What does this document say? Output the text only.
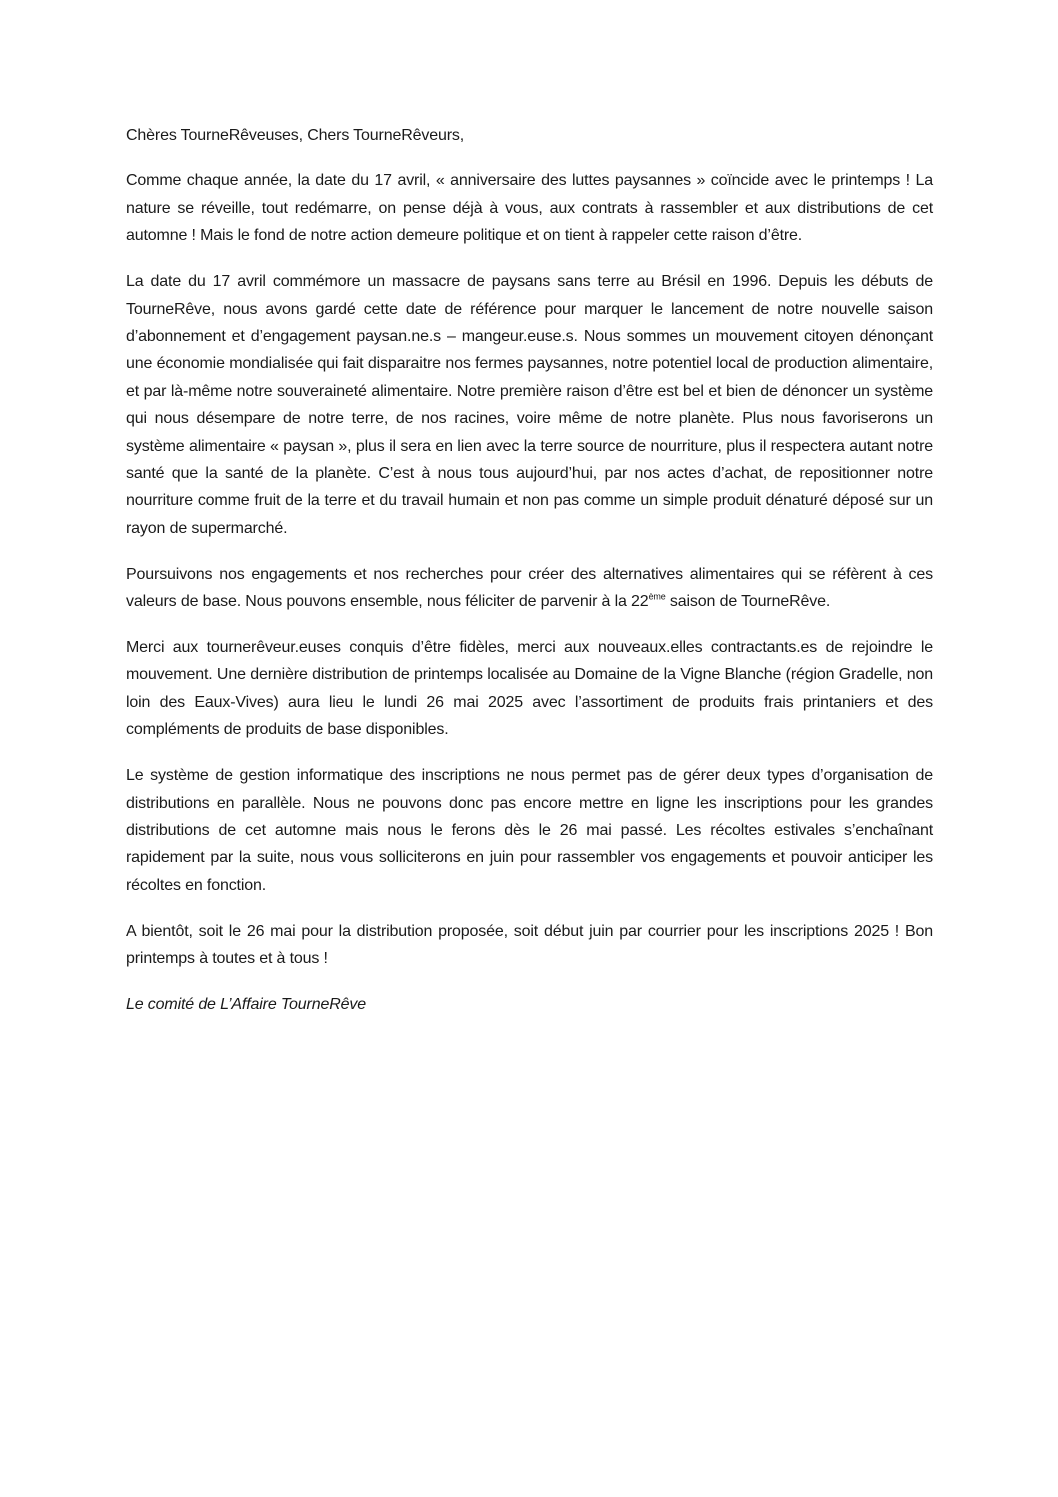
Chères TourneRêveuses, Chers TourneRêveurs,

Comme chaque année, la date du 17 avril, « anniversaire des luttes paysannes » coïncide avec le printemps ! La nature se réveille, tout redémarre, on pense déjà à vous, aux contrats à rassembler et aux distributions de cet automne ! Mais le fond de notre action demeure politique et on tient à rappeler cette raison d’être.

La date du 17 avril commémore un massacre de paysans sans terre au Brésil en 1996. Depuis les débuts de TourneRêve, nous avons gardé cette date de référence pour marquer le lancement de notre nouvelle saison d’abonnement et d’engagement paysan.ne.s – mangeur.euse.s. Nous sommes un mouvement citoyen dénonçant une économie mondialisée qui fait disparaitre nos fermes paysannes, notre potentiel local de production alimentaire, et par là-même notre souveraineté alimentaire. Notre première raison d’être est bel et bien de dénoncer un système qui nous désempare de notre terre, de nos racines, voire même de notre planète. Plus nous favoriserons un système alimentaire « paysan », plus il sera en lien avec la terre source de nourriture, plus il respectera autant notre santé que la santé de la planète. C’est à nous tous aujourd’hui, par nos actes d’achat, de repositionner notre nourriture comme fruit de la terre et du travail humain et non pas comme un simple produit dénaturé déposé sur un rayon de supermarché.

Poursuivons nos engagements et nos recherches pour créer des alternatives alimentaires qui se réfèrent à ces valeurs de base. Nous pouvons ensemble, nous féliciter de parvenir à la 22ème saison de TourneRêve.

Merci aux tournerêveur.euses conquis d’être fidèles, merci aux nouveaux.elles contractants.es de rejoindre le mouvement. Une dernière distribution de printemps localisée au Domaine de la Vigne Blanche (région Gradelle, non loin des Eaux-Vives) aura lieu le lundi 26 mai 2025 avec l’assortiment de produits frais printaniers et des compléments de produits de base disponibles.

Le système de gestion informatique des inscriptions ne nous permet pas de gérer deux types d’organisation de distributions en parallèle. Nous ne pouvons donc pas encore mettre en ligne les inscriptions pour les grandes distributions de cet automne mais nous le ferons dès le 26 mai passé. Les récoltes estivales s’enchaînant rapidement par la suite, nous vous solliciterons en juin pour rassembler vos engagements et pouvoir anticiper les récoltes en fonction.

A bientôt, soit le 26 mai pour la distribution proposée, soit début juin par courrier pour les inscriptions 2025 ! Bon printemps à toutes et à tous !

Le comité de L’Affaire TourneRêve
